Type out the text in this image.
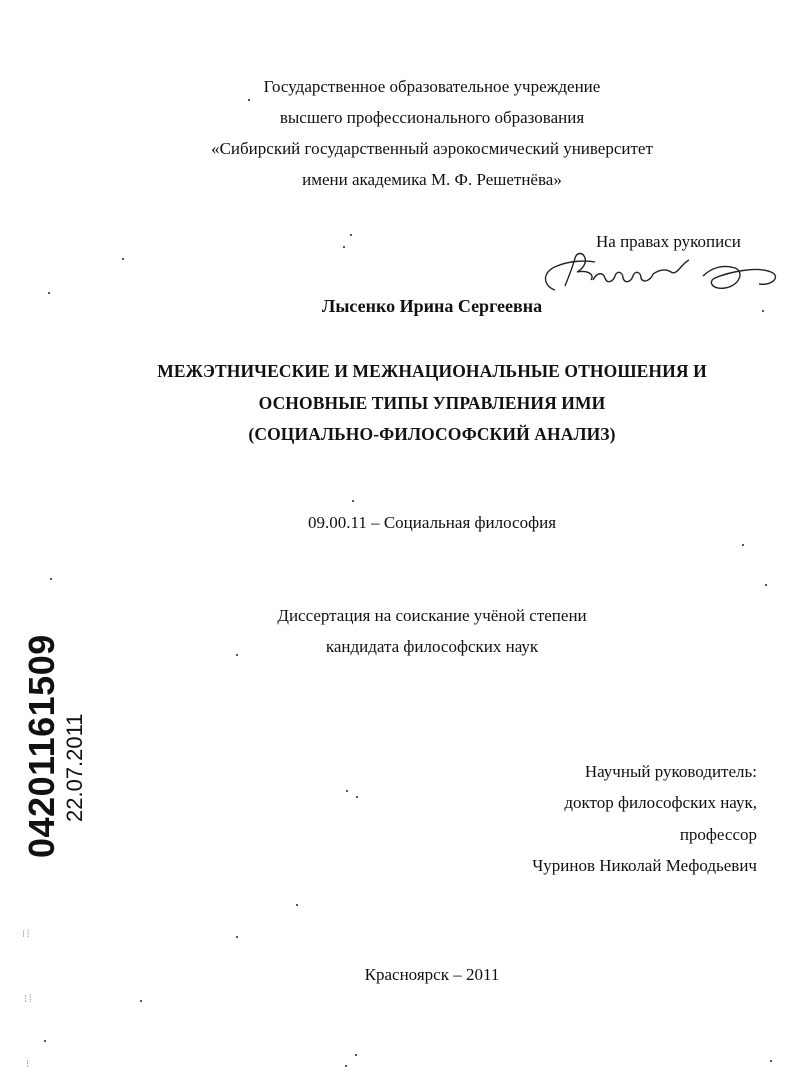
Государственное образовательное учреждение
высшего профессионального образования
«Сибирский государственный аэрокосмический университет
имени академика М. Ф. Решетнёва»
На правах рукописи
Лысенко Ирина Сергеевна
МЕЖЭТНИЧЕСКИЕ И МЕЖНАЦИОНАЛЬНЫЕ ОТНОШЕНИЯ И
ОСНОВНЫЕ ТИПЫ УПРАВЛЕНИЯ ИМИ
(СОЦИАЛЬНО-ФИЛОСОФСКИЙ АНАЛИЗ)
09.00.11 – Социальная философия
Диссертация на соискание учёной степени
кандидата философских наук
Научный руководитель:
доктор философских наук,
профессор
Чуринов Николай Мефодьевич
Красноярск – 2011
04201161509 22.07.2011
⁝⁞
⁝⁞
⁝
